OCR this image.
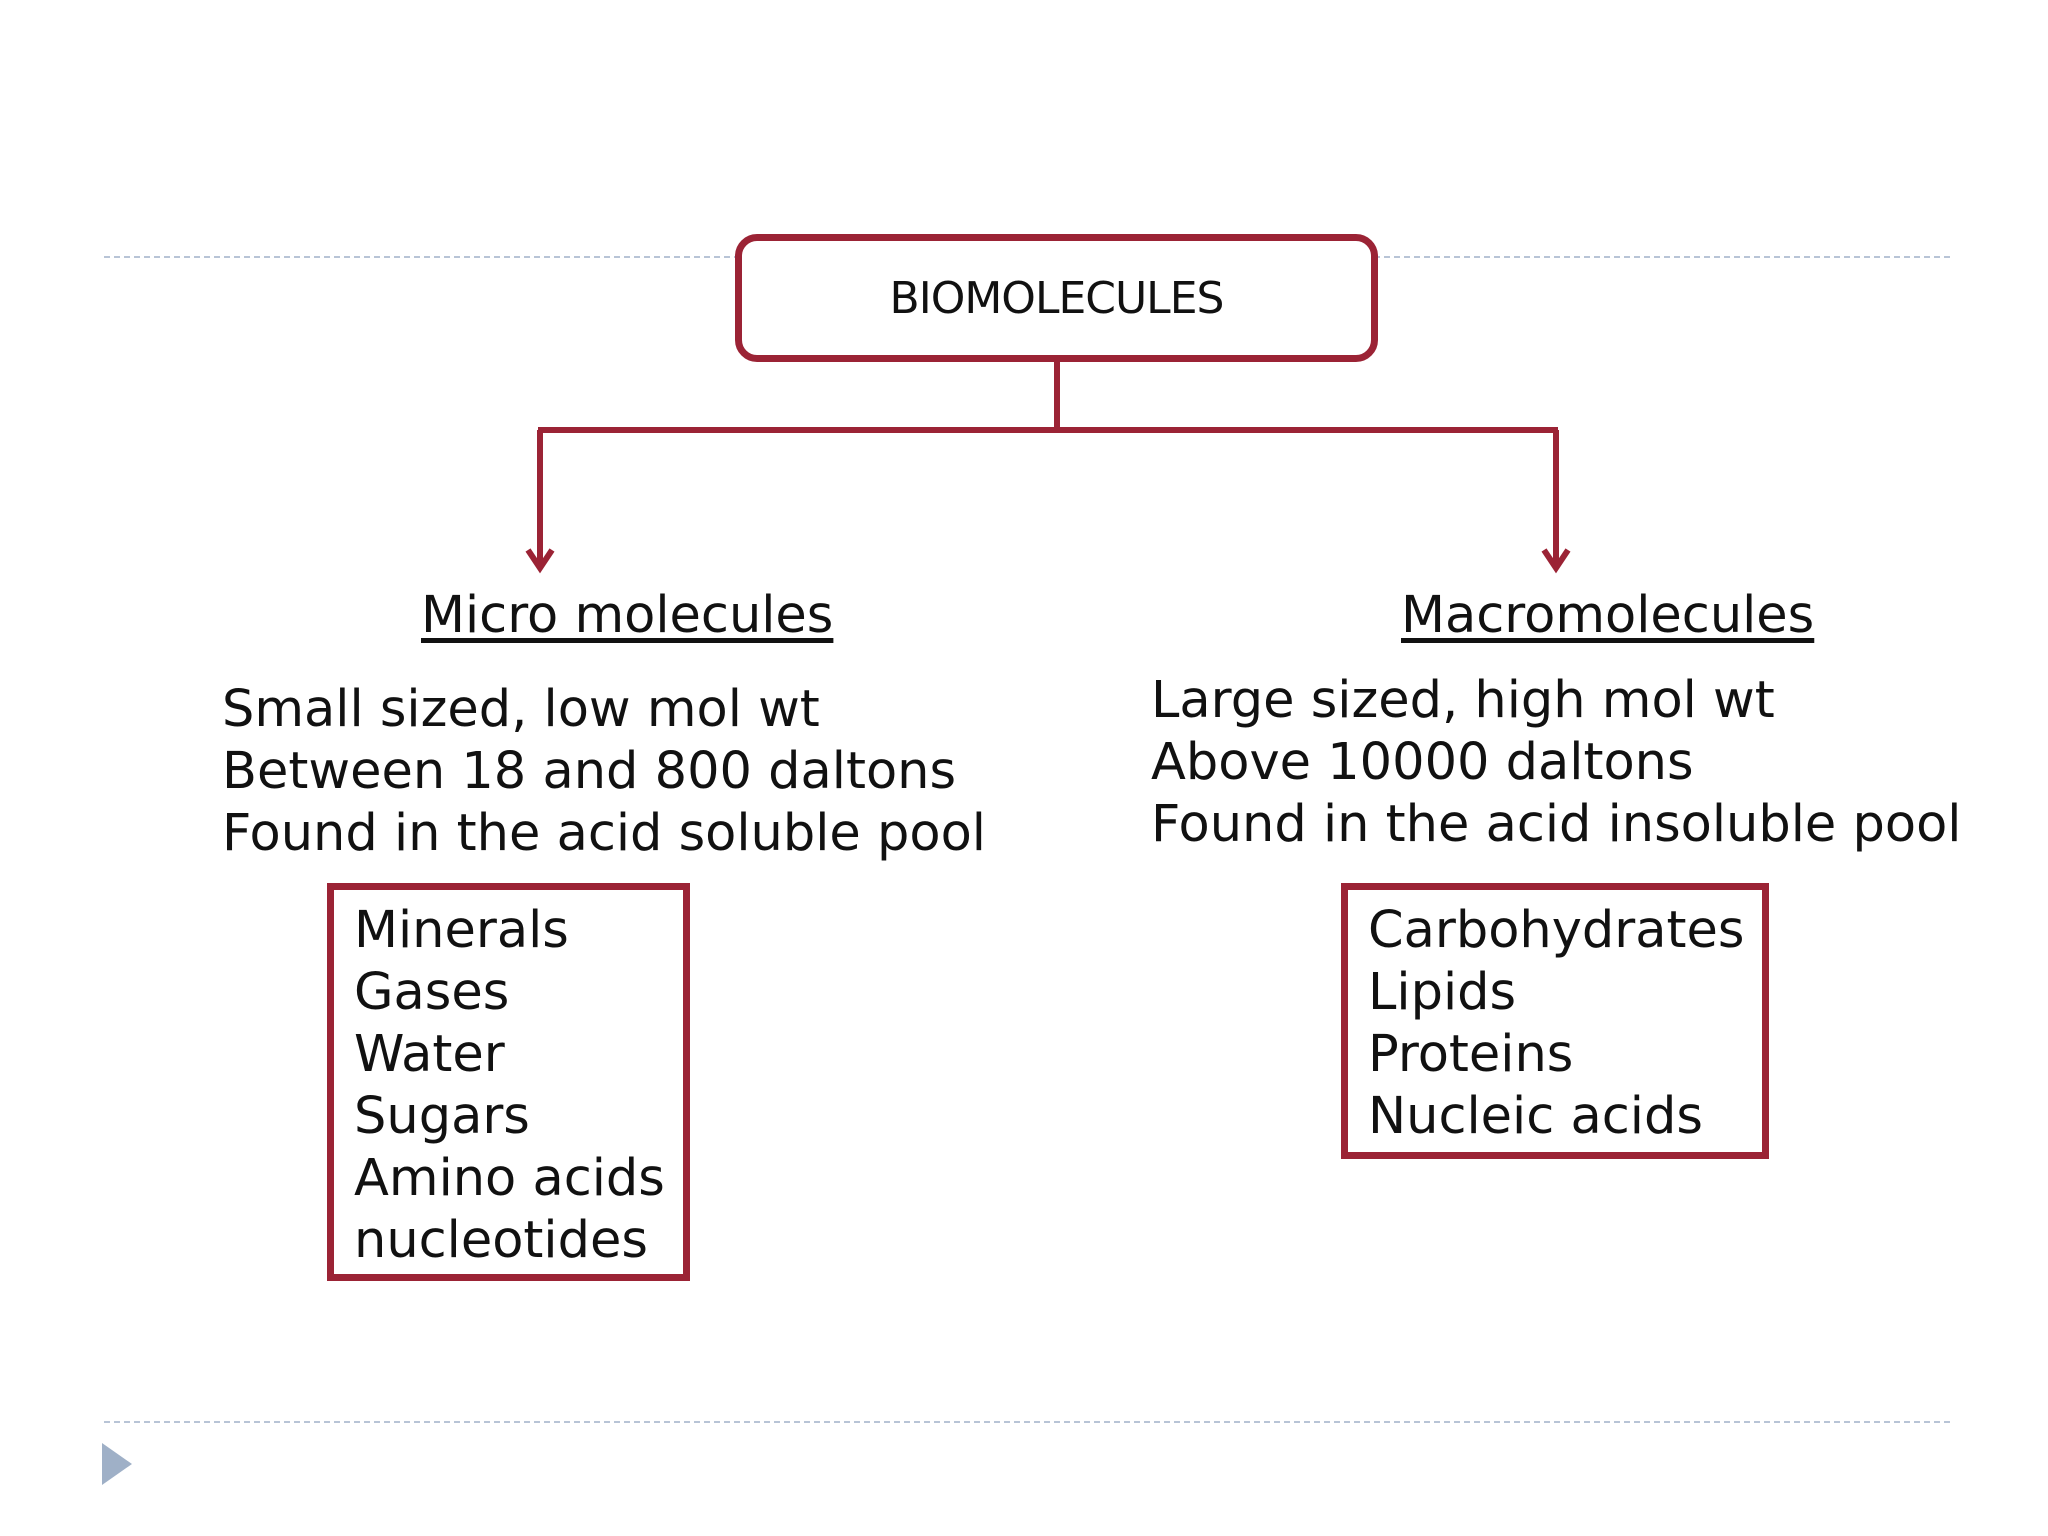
BIOMOLECULES
Micro molecules
Small sized, low mol wt
Between 18 and 800 daltons
Found in the acid soluble pool
Minerals
Gases
Water
Sugars
Amino acids
nucleotides
Macromolecules
Large sized, high mol wt
Above 10000 daltons
Found in the acid insoluble pool
Carbohydrates
Lipids
Proteins
Nucleic acids
